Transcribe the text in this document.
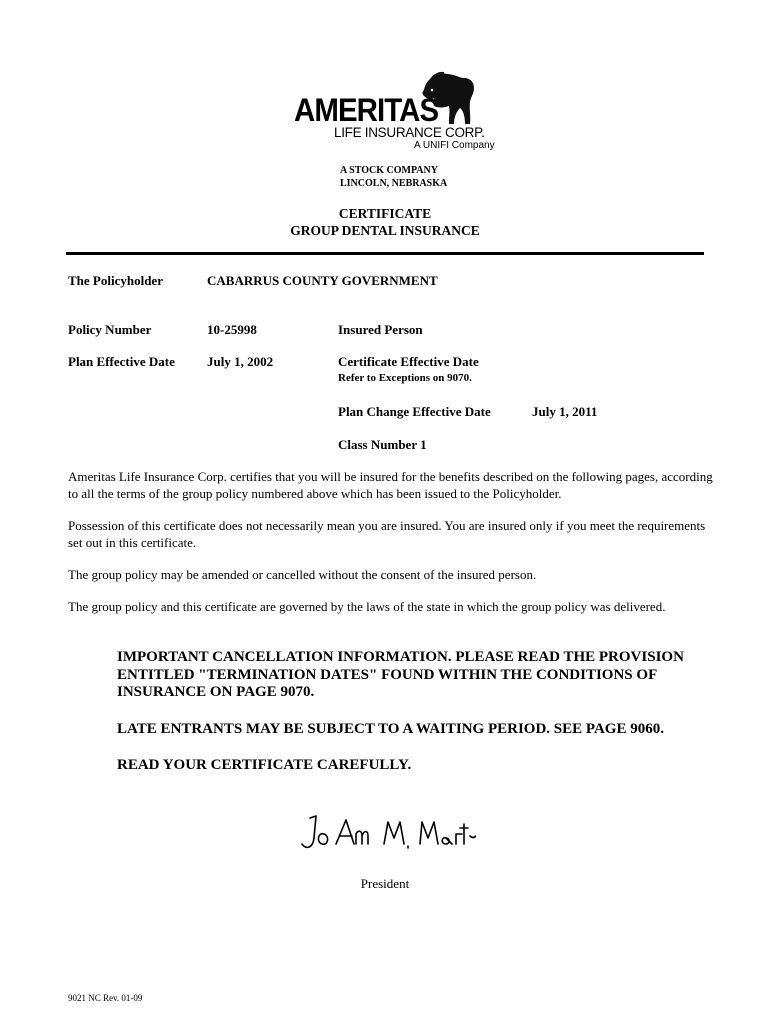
AMERITAS
LIFE INSURANCE CORP.
A UNIFI Company
A STOCK COMPANY
LINCOLN, NEBRASKA
CERTIFICATE
GROUP DENTAL INSURANCE
The Policyholder	CABARRUS COUNTY GOVERNMENT
Policy Number	10-25998	Insured Person
Plan Effective Date July 1, 2002	Certificate Effective Date
Refer to Exceptions on 9070.
Plan Change Effective Date	July 1, 2011
Class Number 1
Ameritas Life Insurance Corp. certifies that you will be insured for the benefits described on the following pages, according to all the terms of the group policy numbered above which has been issued to the Policyholder.
Possession of this certificate does not necessarily mean you are insured. You are insured only if you meet the requirements set out in this certificate.
The group policy may be amended or cancelled without the consent of the insured person.
The group policy and this certificate are governed by the laws of the state in which the group policy was delivered.
IMPORTANT CANCELLATION INFORMATION. PLEASE READ THE PROVISION ENTITLED "TERMINATION DATES" FOUND WITHIN THE CONDITIONS OF INSURANCE ON PAGE 9070.
LATE ENTRANTS MAY BE SUBJECT TO A WAITING PERIOD. SEE PAGE 9060.
READ YOUR CERTIFICATE CAREFULLY.
President
9021 NC Rev. 01-09
